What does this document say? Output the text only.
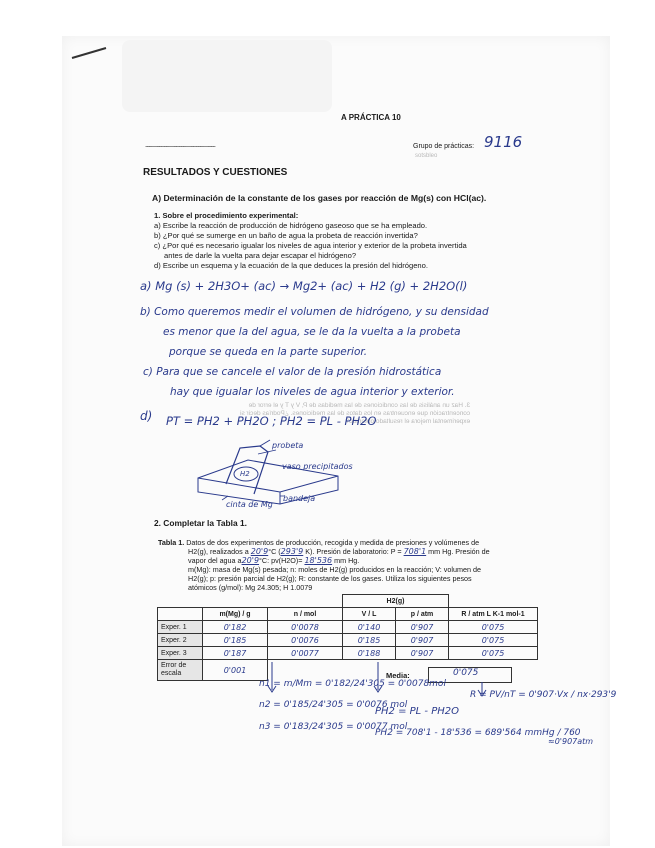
A PRÁCTICA 10
..........................................................................	Grupo de prácticas: 9116
sotsbleo
RESULTADOS Y CUESTIONES
A) Determinación de la constante de los gases por reacción de Mg(s) con HCl(ac).
1. Sobre el procedimiento experimental:
a) Escribe la reacción de producción de hidrógeno gaseoso que se ha empleado.
b) ¿Por qué se sumerge en un baño de agua la probeta de reacción invertida?
c) ¿Por qué es necesario igualar los niveles de agua interior y exterior de la probeta invertida
antes de darle la vuelta para dejar escapar el hidrógeno?
d) Escribe un esquema y la ecuación de la que deduces la presión del hidrógeno.
a) Mg (s) + 2H3O+ (ac) → Mg2+ (ac) + H2 (g) + 2H2O(l)
b) Como queremos medir el volumen de hidrógeno, y su densidad
es menor que la del agua, se le da la vuelta a la probeta
porque se queda en la parte superior.
c) Para que se cancele el valor de la presión hidrostática
hay que igualar los niveles de agua interior y exterior.
3. Haz un análisis de las condiciones de las medidas de P, V y T y el error de
concentración que encuentras en los datos de las mediciones. ¿Podrías decir si
experimental mejora el resultado obtenido?
d) PT = PH2 + PH2O ; PH2 = PL - PH2O
probeta
vaso precipitados
H2
bandeja
cinta de Mg
2. Completar la Tabla 1.
Tabla 1. Datos de dos experimentos de producción, recogida y medida de presiones y volúmenes de
H2(g), realizados a 20'9°C (293'9 K). Presión de laboratorio: P = 708'1 mm Hg. Presión de
vapor del agua a20'9°C: pv(H2O)= 18'536 mm Hg.
m(Mg): masa de Mg(s) pesada; n: moles de H2(g) producidos en la reacción; V: volumen de
H2(g); p: presión parcial de H2(g); R: constante de los gases. Utiliza los siguientes pesos
atómicos (g/mol): Mg 24.305; H 1.0079
			H2(g)		
	m(Mg) / g	n / mol	V / L	p / atm	R / atm L K-1 mol-1
Exper. 1	0'182	0'0078	0'140	0'907	0'075
Exper. 2	0'185	0'0076	0'185	0'907	0'075
Exper. 3	0'187	0'0077	0'188	0'907	0'075
Error de escala	0'001				
Media:	0'075
n1 = m/Mm = 0'182/24'305 = 0'0078mol
n2 = 0'185/24'305 = 0'0076 mol
n3 = 0'183/24'305 = 0'0077 mol
R = PV/nT = 0'907·Vx / nx·293'9
PH2 = PL - PH2O
PH2 = 708'1 - 18'536 = 689'564 mmHg / 760
≈0'907atm
